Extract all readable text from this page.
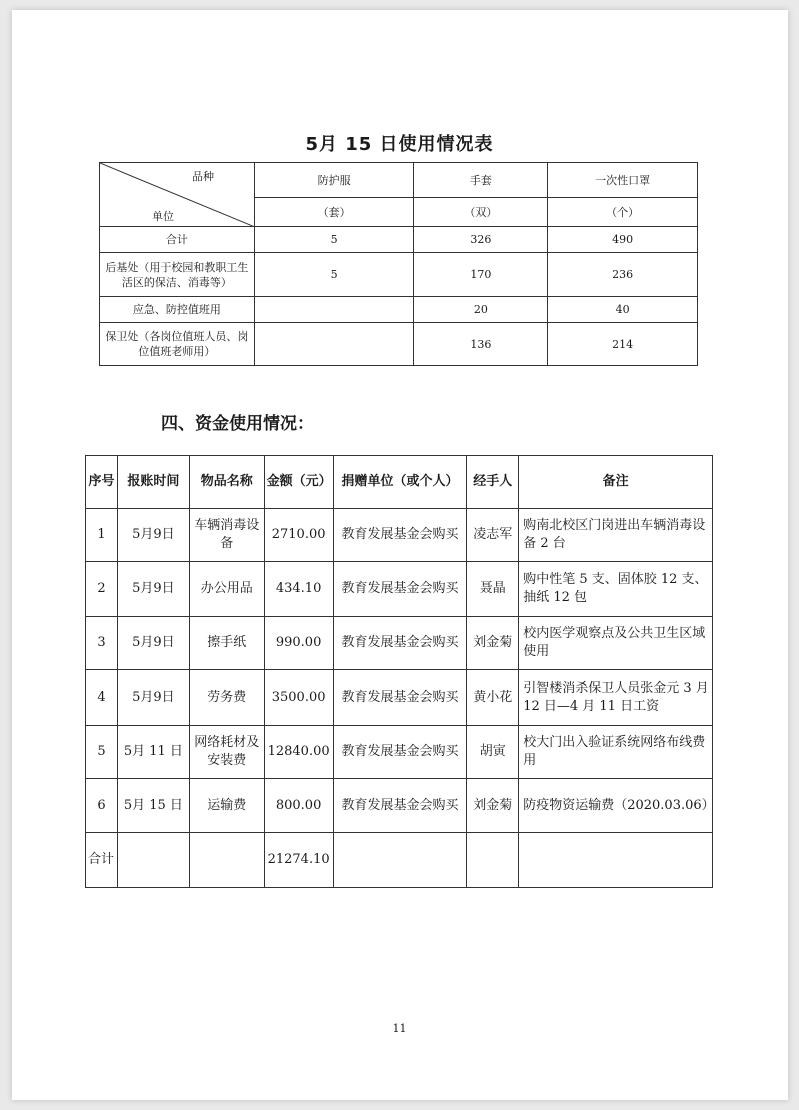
5月 15 日使用情况表
品种
单位	防护服	手套	一次性口罩
	（套）	（双）	（个）
合计	5	326	490
后基处（用于校园和教职工生活区的保洁、消毒等）	5	170	236
应急、防控值班用		20	40
保卫处（各岗位值班人员、岗位值班老师用）		136	214
四、资金使用情况：
序号	报账时间	物品名称	金额（元）	捐赠单位（或个人）	经手人	备注
1	5月9日	车辆消毒设备	2710.00	教育发展基金会购买	凌志军	购南北校区门岗进出车辆消毒设备 2 台
2	5月9日	办公用品	434.10	教育发展基金会购买	聂晶	购中性笔 5 支、固体胶 12 支、抽纸 12 包
3	5月9日	擦手纸	990.00	教育发展基金会购买	刘金菊	校内医学观察点及公共卫生区域使用
4	5月9日	劳务费	3500.00	教育发展基金会购买	黄小花	引智楼消杀保卫人员张金元 3 月 12 日—4 月 11 日工资
5	5月 11 日	网络耗材及安装费	12840.00	教育发展基金会购买	胡寅	校大门出入验证系统网络布线费用
6	5月 15 日	运输费	800.00	教育发展基金会购买	刘金菊	防疫物资运输费（2020.03.06）
合计			21274.10			
11
